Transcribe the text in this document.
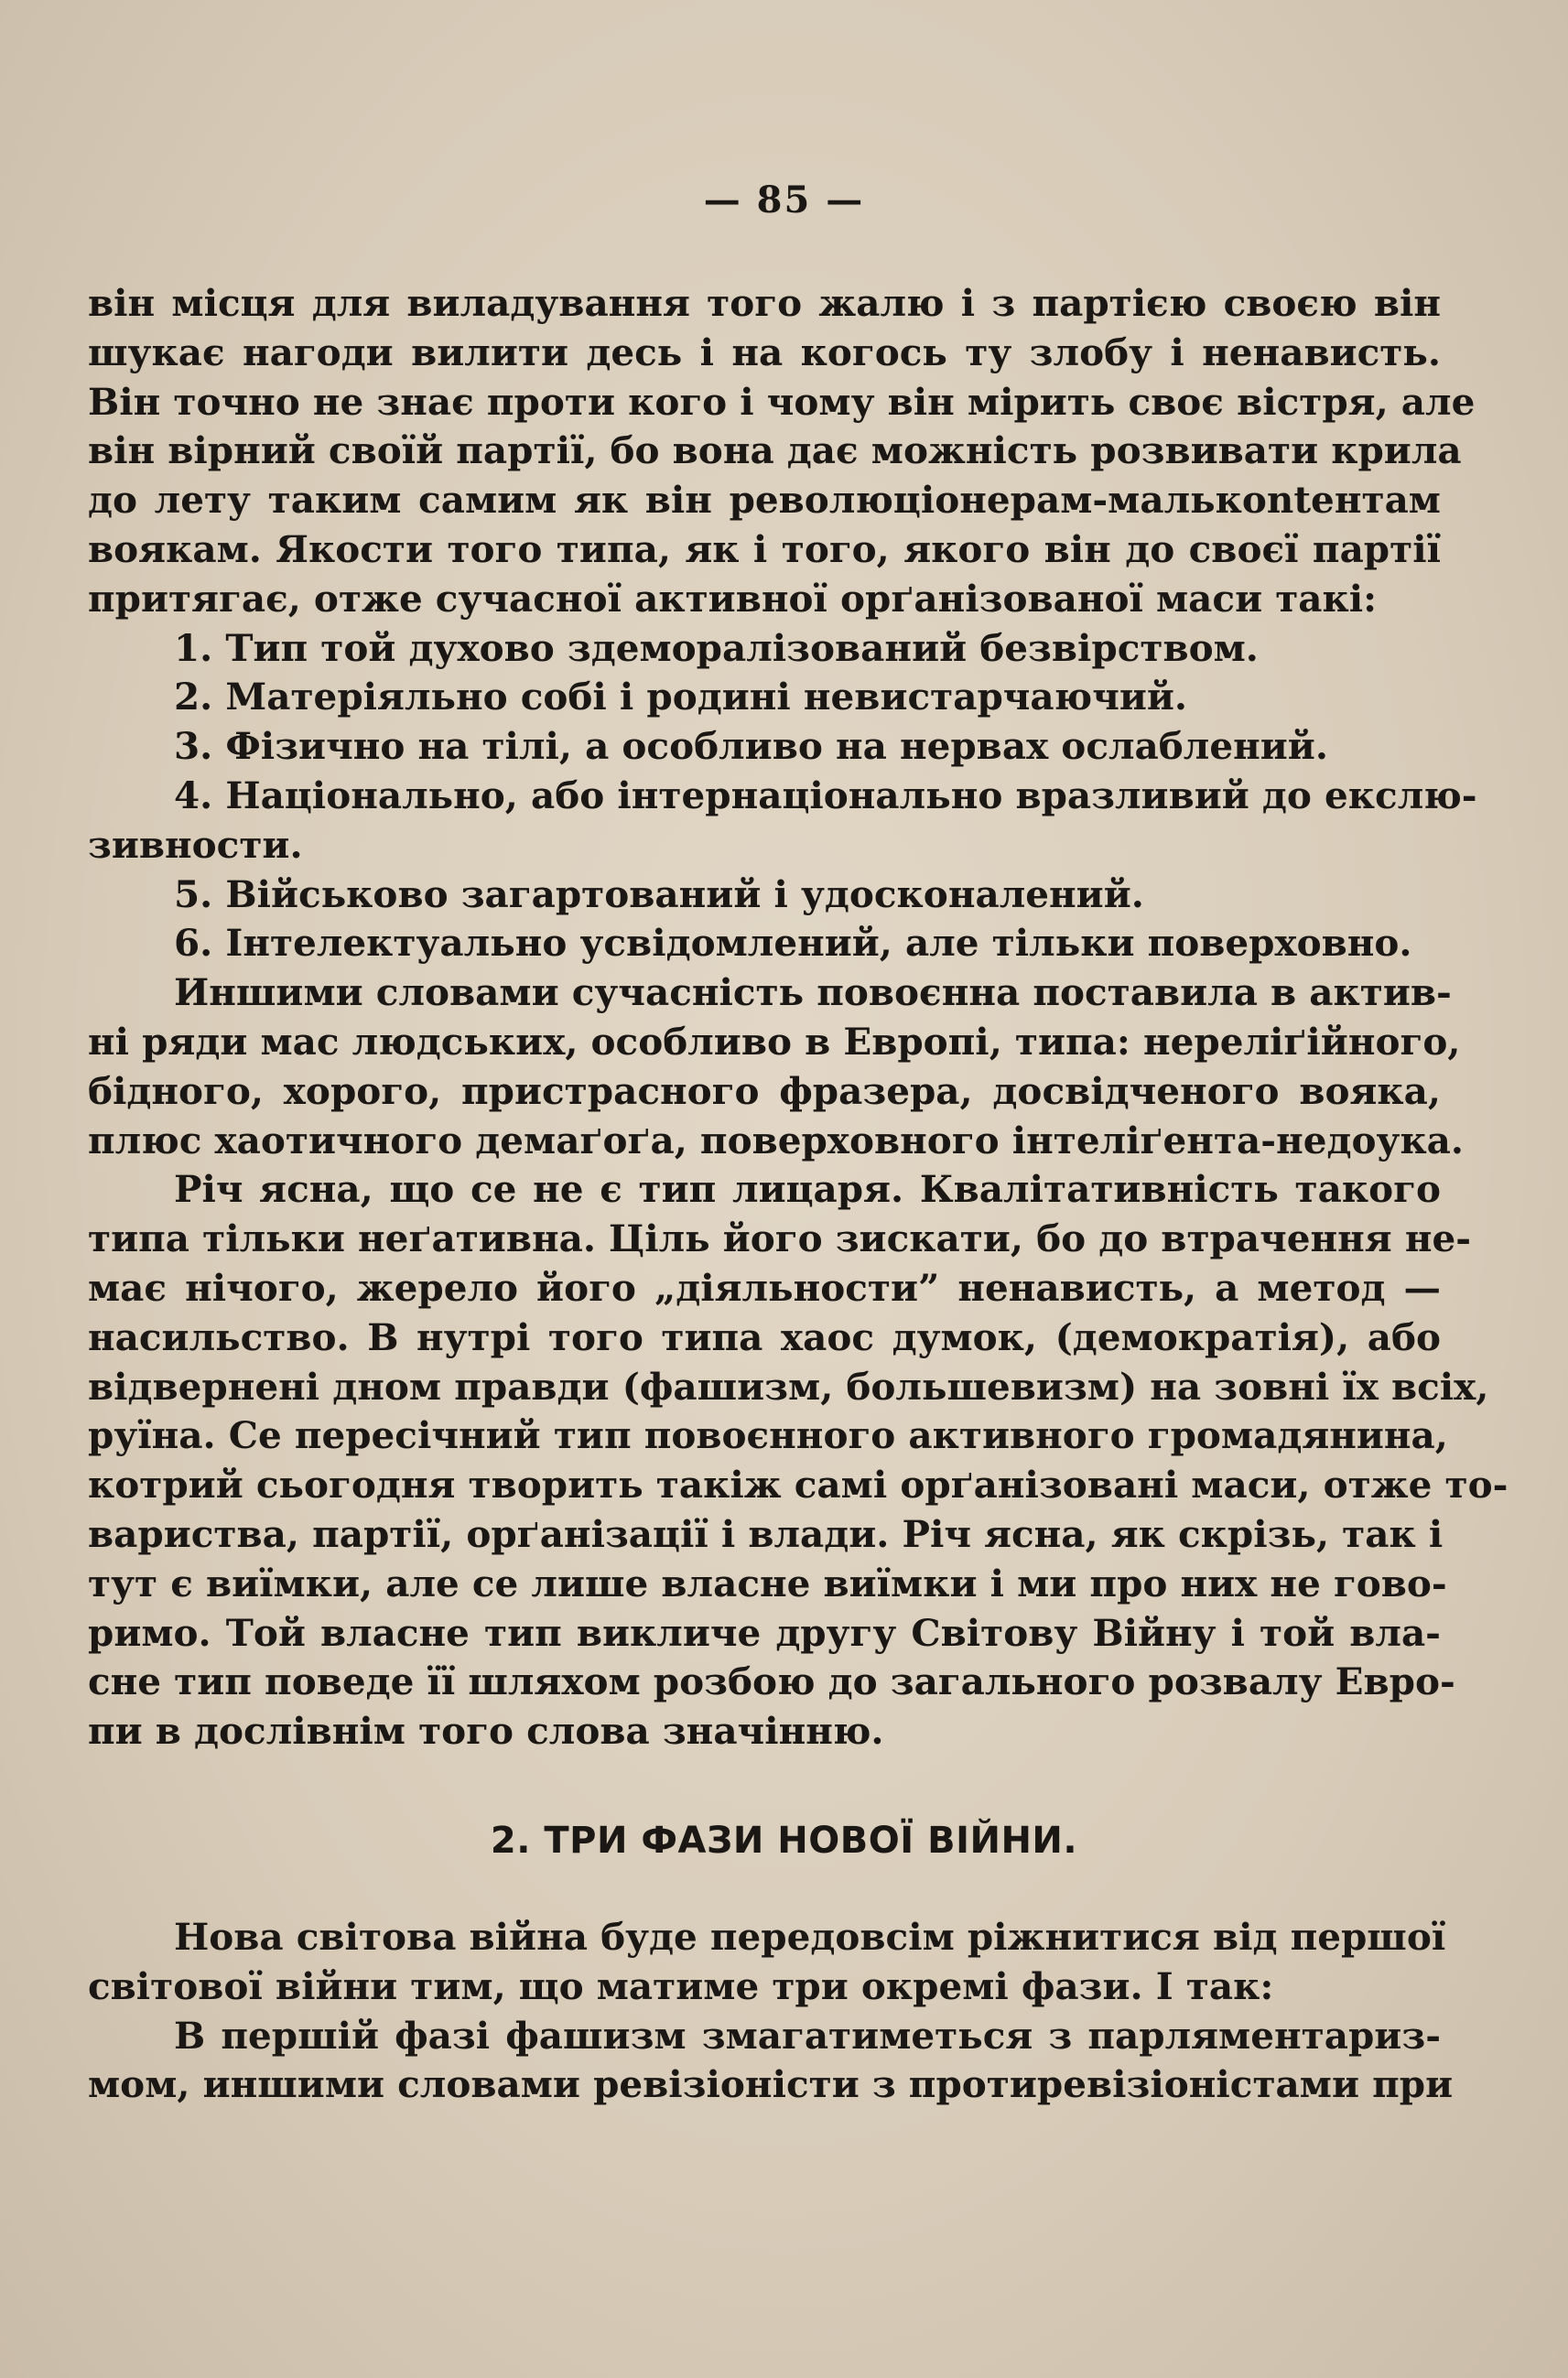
— 85 —
він місця для виладування того жалю і з партією своєю він
шукає нагоди вилити десь і на когось ту злобу і ненависть.
Він точно не знає проти кого і чому він мірить своє вістря, але
він вірний своїй партії, бо вона дає можність розвивати крила
до лету таким самим як він революціонерам-малькontентам
воякам. Якости того типа, як і того, якого він до своєї партії
притягає, отже сучасної активної орґанізованої маси такі:
1. Тип той духово здеморалізований безвірством.
2. Матеріяльно собі і родині невистарчаючий.
3. Фізично на тілі, а особливо на нервах ослаблений.
4. Національно, або інтернаціонально вразливий до екслю-
зивности.
5. Військово загартований і удосконалений.
6. Інтелектуально усвідомлений, але тільки поверховно.
Иншими словами сучасність повоєнна поставила в актив-
ні ряди мас людських, особливо в Европі, типа: нерелiґійного,
бідного, хорого, пристрасного фразера, досвідченого вояка,
плюс хаотичного демаґоґа, поверховного інтеліґента-недоука.
Річ ясна, що се не є тип лицаря. Квалітативність такого
типа тільки неґативна. Ціль його зискати, бо до втрачення не-
має нічого, жерело його „діяльности” ненависть, а метод —
насильство. В нутрі того типа хаос думок, (демократія), або
відвернені дном правди (фашизм, большевизм) на зовні їх всіх,
руїна. Се пересічний тип повоєнного активного громадянина,
котрий сьогодня творить такіж самі орґанізовані маси, отже то-
вариства, партії, орґанізації і влади. Річ ясна, як скрізь, так і
тут є виїмки, але се лише власне виїмки і ми про них не гово-
римо. Той власне тип викличе другу Світову Війну і той вла-
сне тип поведе її шляхом розбою до загального розвалу Евро-
пи в дослівнім того слова значінню.
2. ТРИ ФАЗИ НОВОЇ ВІЙНИ.
Нова світова війна буде передовсім ріжнитися від першої
світової війни тим, що матиме три окремі фази. І так:
В першій фазі фашизм змагатиметься з парляментариз-
мом, иншими словами ревізіоністи з протиревізіоністами при
